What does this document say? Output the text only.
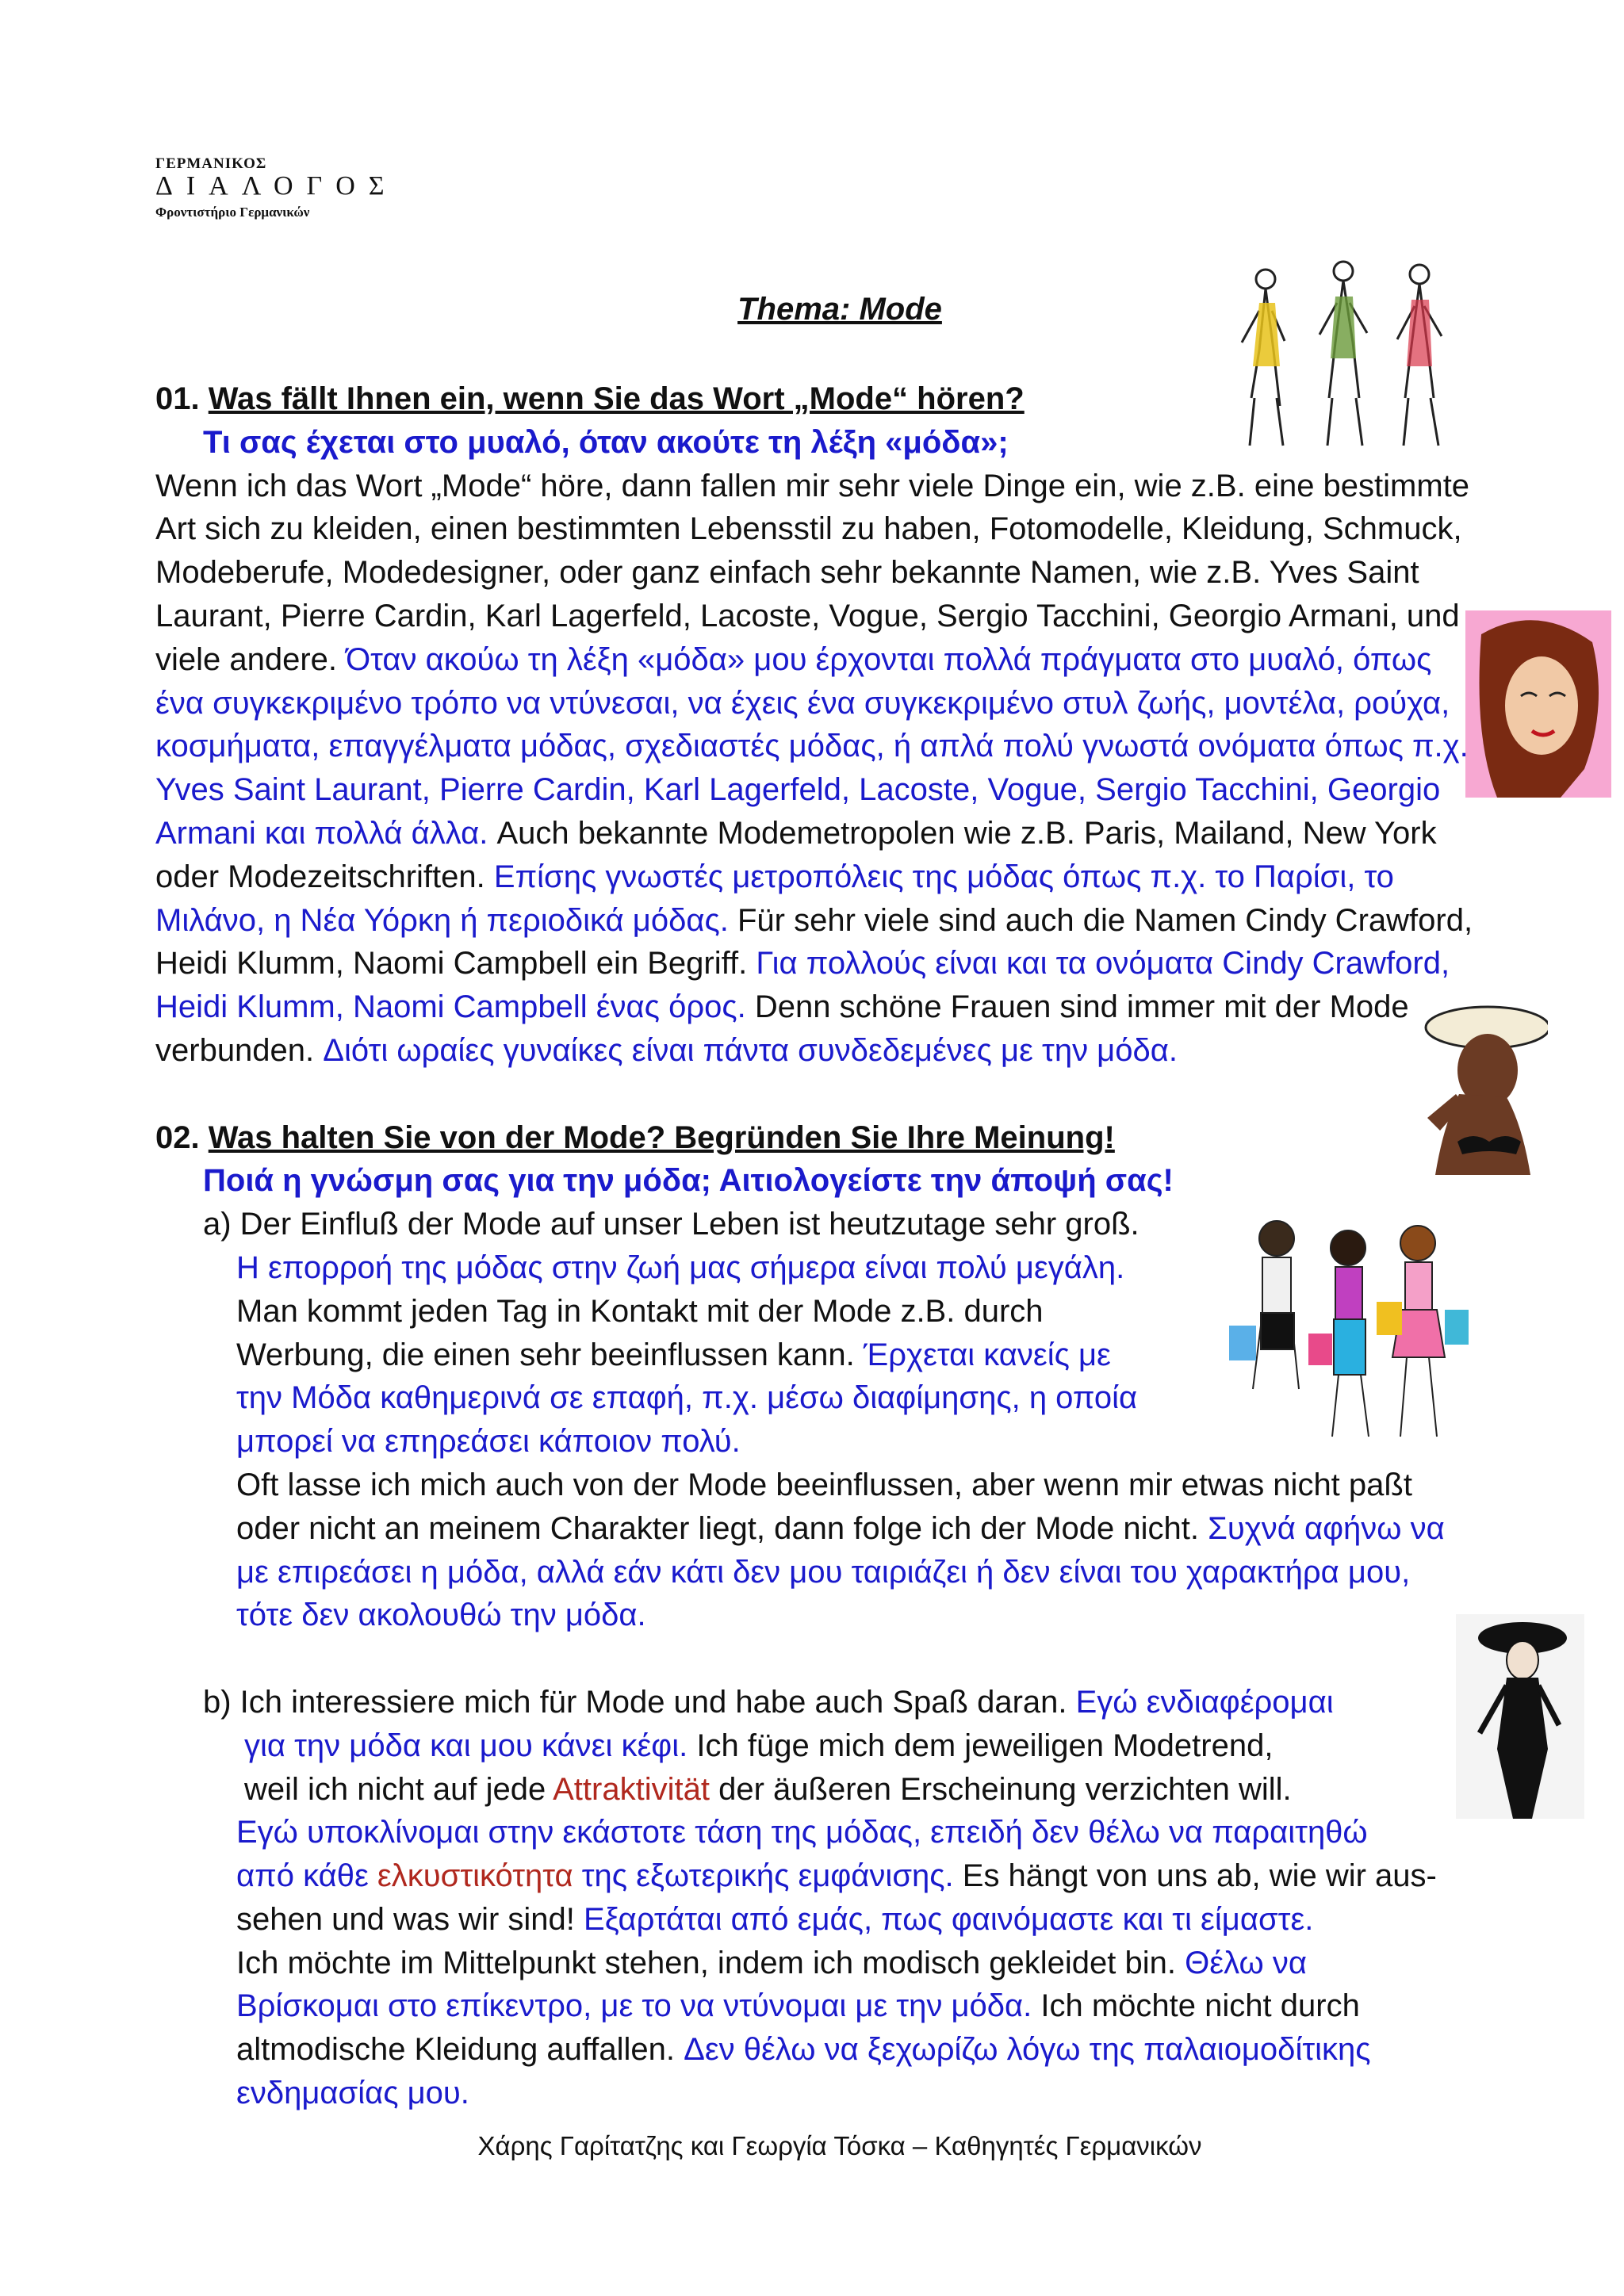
ΓΕΡΜΑΝΙΚΟΣ
ΔΙΑΛΟΓΟΣ
Φροντιστήριο Γερμανικών
Thema: Mode

01. Was fällt Ihnen ein, wenn Sie das Wort „Mode“ hören?

Τι σας έχεται στο μυαλό, όταν ακούτε τη λέξη «μόδα»;

Wenn ich das Wort „Mode“ höre, dann fallen mir sehr viele Dinge ein, wie z.B. eine bestimmte Art sich zu kleiden, einen bestimmten Lebensstil zu haben, Fotomodelle, Kleidung, Schmuck, Modeberufe, Modedesigner, oder ganz einfach sehr bekannte Namen, wie z.B. Yves Saint Laurant, Pierre Cardin, Karl Lagerfeld, Lacoste, Vogue, Sergio Tacchini, Georgio Armani, und viele andere. Όταν ακούω τη λέξη «μόδα» μου έρχονται πολλά πράγματα στο μυαλό, όπως ένα συγκεκριμένο τρόπο να ντύνεσαι, να έχεις ένα συγκεκριμένο στυλ ζωής, μοντέλα, ρούχα, κοσμήματα, επαγγέλματα μόδας, σχεδιαστές μόδας, ή απλά πολύ γνωστά ονόματα όπως π.χ. Yves Saint Laurant, Pierre Cardin, Karl Lagerfeld, Lacoste, Vogue, Sergio Tacchini, Georgio Armani και πολλά άλλα. Auch bekannte Modemetropolen wie z.B. Paris, Mailand, New York oder Modezeitschriften. Επίσης γνωστές μετροπόλεις της μόδας όπως π.χ. το Παρίσι, το Μιλάνο, η Νέα Υόρκη ή περιοδικά μόδας. Für sehr viele sind auch die Namen Cindy Crawford, Heidi Klumm, Naomi Campbell ein Begriff. Για πολλούς είναι και τα ονόματα Cindy Crawford, Heidi Klumm, Naomi Campbell ένας όρος. Denn schöne Frauen sind immer mit der Mode verbunden. Διότι ωραίες γυναίκες είναι πάντα συνδεδεμένες με την μόδα.

02. Was halten Sie von der Mode? Begründen Sie Ihre Meinung!

Ποιά η γνώσμη σας για την μόδα; Αιτιολογείστε την άποψή σας!

a) Der Einfluß der Mode auf unser Leben ist heutzutage sehr groß.

Η επορροή της μόδας στην ζωή μας σήμερα είναι πολύ μεγάλη.

Man kommt jeden Tag in Kontakt mit der Mode z.B. durch Werbung, die einen sehr beeinflussen kann. Έρχεται κανείς με την Μόδα καθημερινά σε επαφή, π.χ. μέσω διαφίμησης, η οποία μπορεί να επηρεάσει κάποιον πολύ.

Oft lasse ich mich auch von der Mode beeinflussen, aber wenn mir etwas nicht paßt oder nicht an meinem Charakter liegt, dann folge ich der Mode nicht. Συχνά αφήνω να με επιρεάσει η μόδα, αλλά εάν κάτι δεν μου ταιριάζει ή δεν είναι του χαρακτήρα μου, τότε δεν ακολουθώ την μόδα.

b) Ich interessiere mich für Mode und habe auch Spaß daran. Εγώ ενδιαφέρομαι

για την μόδα και μου κάνει κέφι. Ich füge mich dem jeweiligen Modetrend,

weil ich nicht auf jede Attraktivität der äußeren Erscheinung verzichten will.

Εγώ υποκλίνομαι στην εκάστοτε τάση της μόδας, επειδή δεν θέλω να παραιτηθώ

από κάθε ελκυστικότητα της εξωτερικής εμφάνισης. Es hängt von uns ab, wie wir aus-

sehen und was wir sind! Εξαρτάται από εμάς, πως φαινόμαστε και τι είμαστε.

Ich möchte im Mittelpunkt stehen, indem ich modisch gekleidet bin. Θέλω να Βρίσκομαι στο επίκεντρο, με το να ντύνομαι με την μόδα. Ich möchte nicht durch altmodische Kleidung auffallen. Δεν θέλω να ξεχωρίζω λόγω της παλαιομοδίτικης ενδημασίας μου.

Χάρης Γαρίτατζης και Γεωργία Τόσκα – Καθηγητές Γερμανικών
